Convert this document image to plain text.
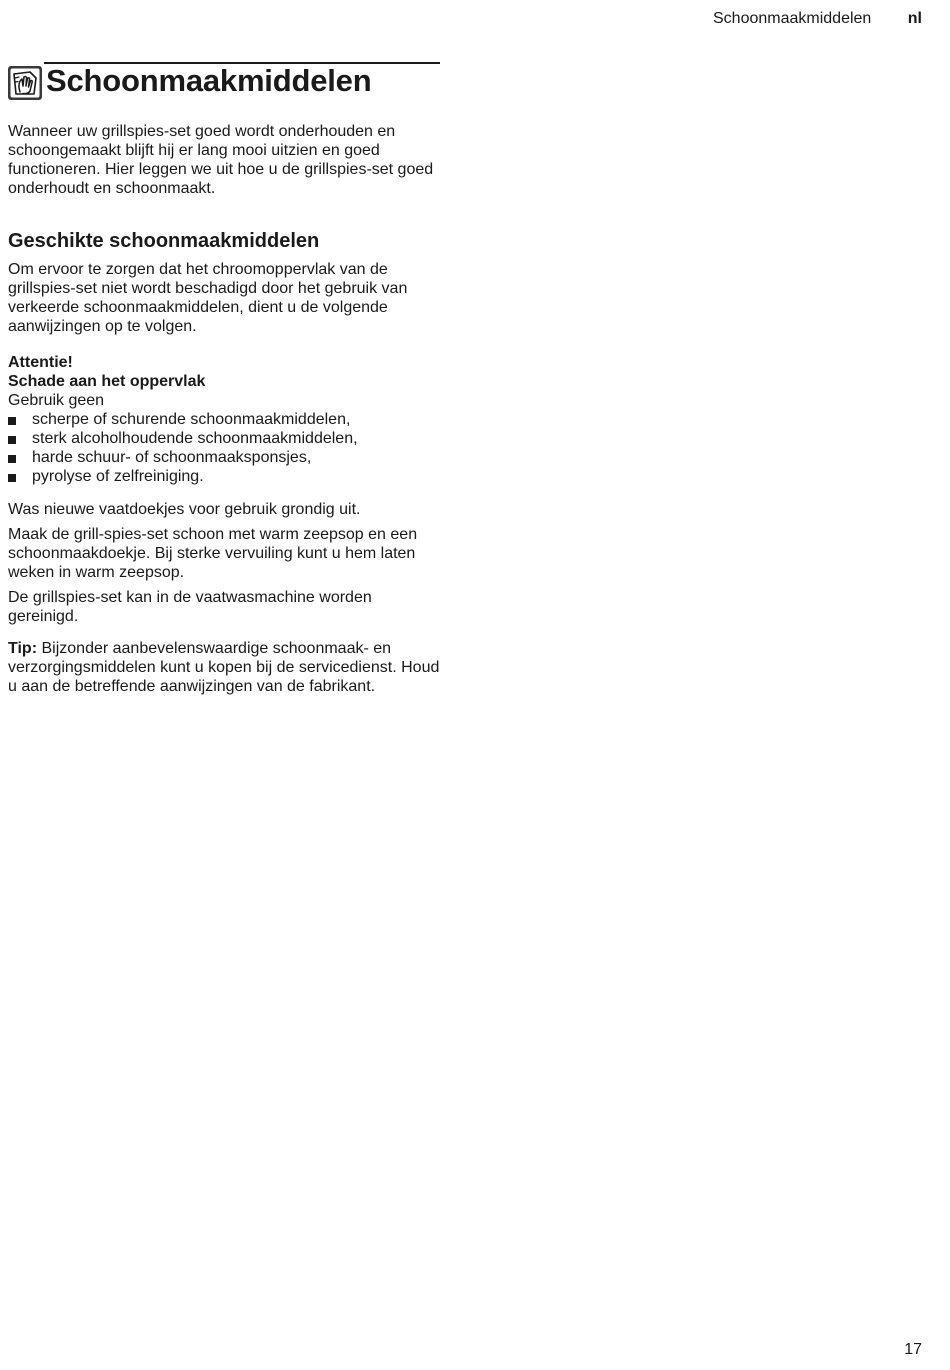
Schoonmaakmiddelen nl
Schoonmaakmiddelen

Wanneer uw grillspies-set goed wordt onderhouden en schoongemaakt blijft hij er lang mooi uitzien en goed functioneren. Hier leggen we uit hoe u de grillspies-set goed onderhoudt en schoonmaakt.

Geschikte schoonmaakmiddelen

Om ervoor te zorgen dat het chroomoppervlak van de grillspies-set niet wordt beschadigd door het gebruik van verkeerde schoonmaakmiddelen, dient u de volgende aanwijzingen op te volgen.

Attentie!

Schade aan het oppervlak

Gebruik geen

scherpe of schurende schoonmaakmiddelen,
sterk alcoholhoudende schoonmaakmiddelen,
harde schuur- of schoonmaaksponsjes,
pyrolyse of zelfreiniging.

Was nieuwe vaatdoekjes voor gebruik grondig uit.

Maak de grill-spies-set schoon met warm zeepsop en een schoonmaakdoekje. Bij sterke vervuiling kunt u hem laten weken in warm zeepsop.

De grillspies-set kan in de vaatwasmachine worden gereinigd.

Tip: Bijzonder aanbevelenswaardige schoonmaak- en verzorgingsmiddelen kunt u kopen bij de servicedienst. Houd u aan de betreffende aanwijzingen van de fabrikant.

17
